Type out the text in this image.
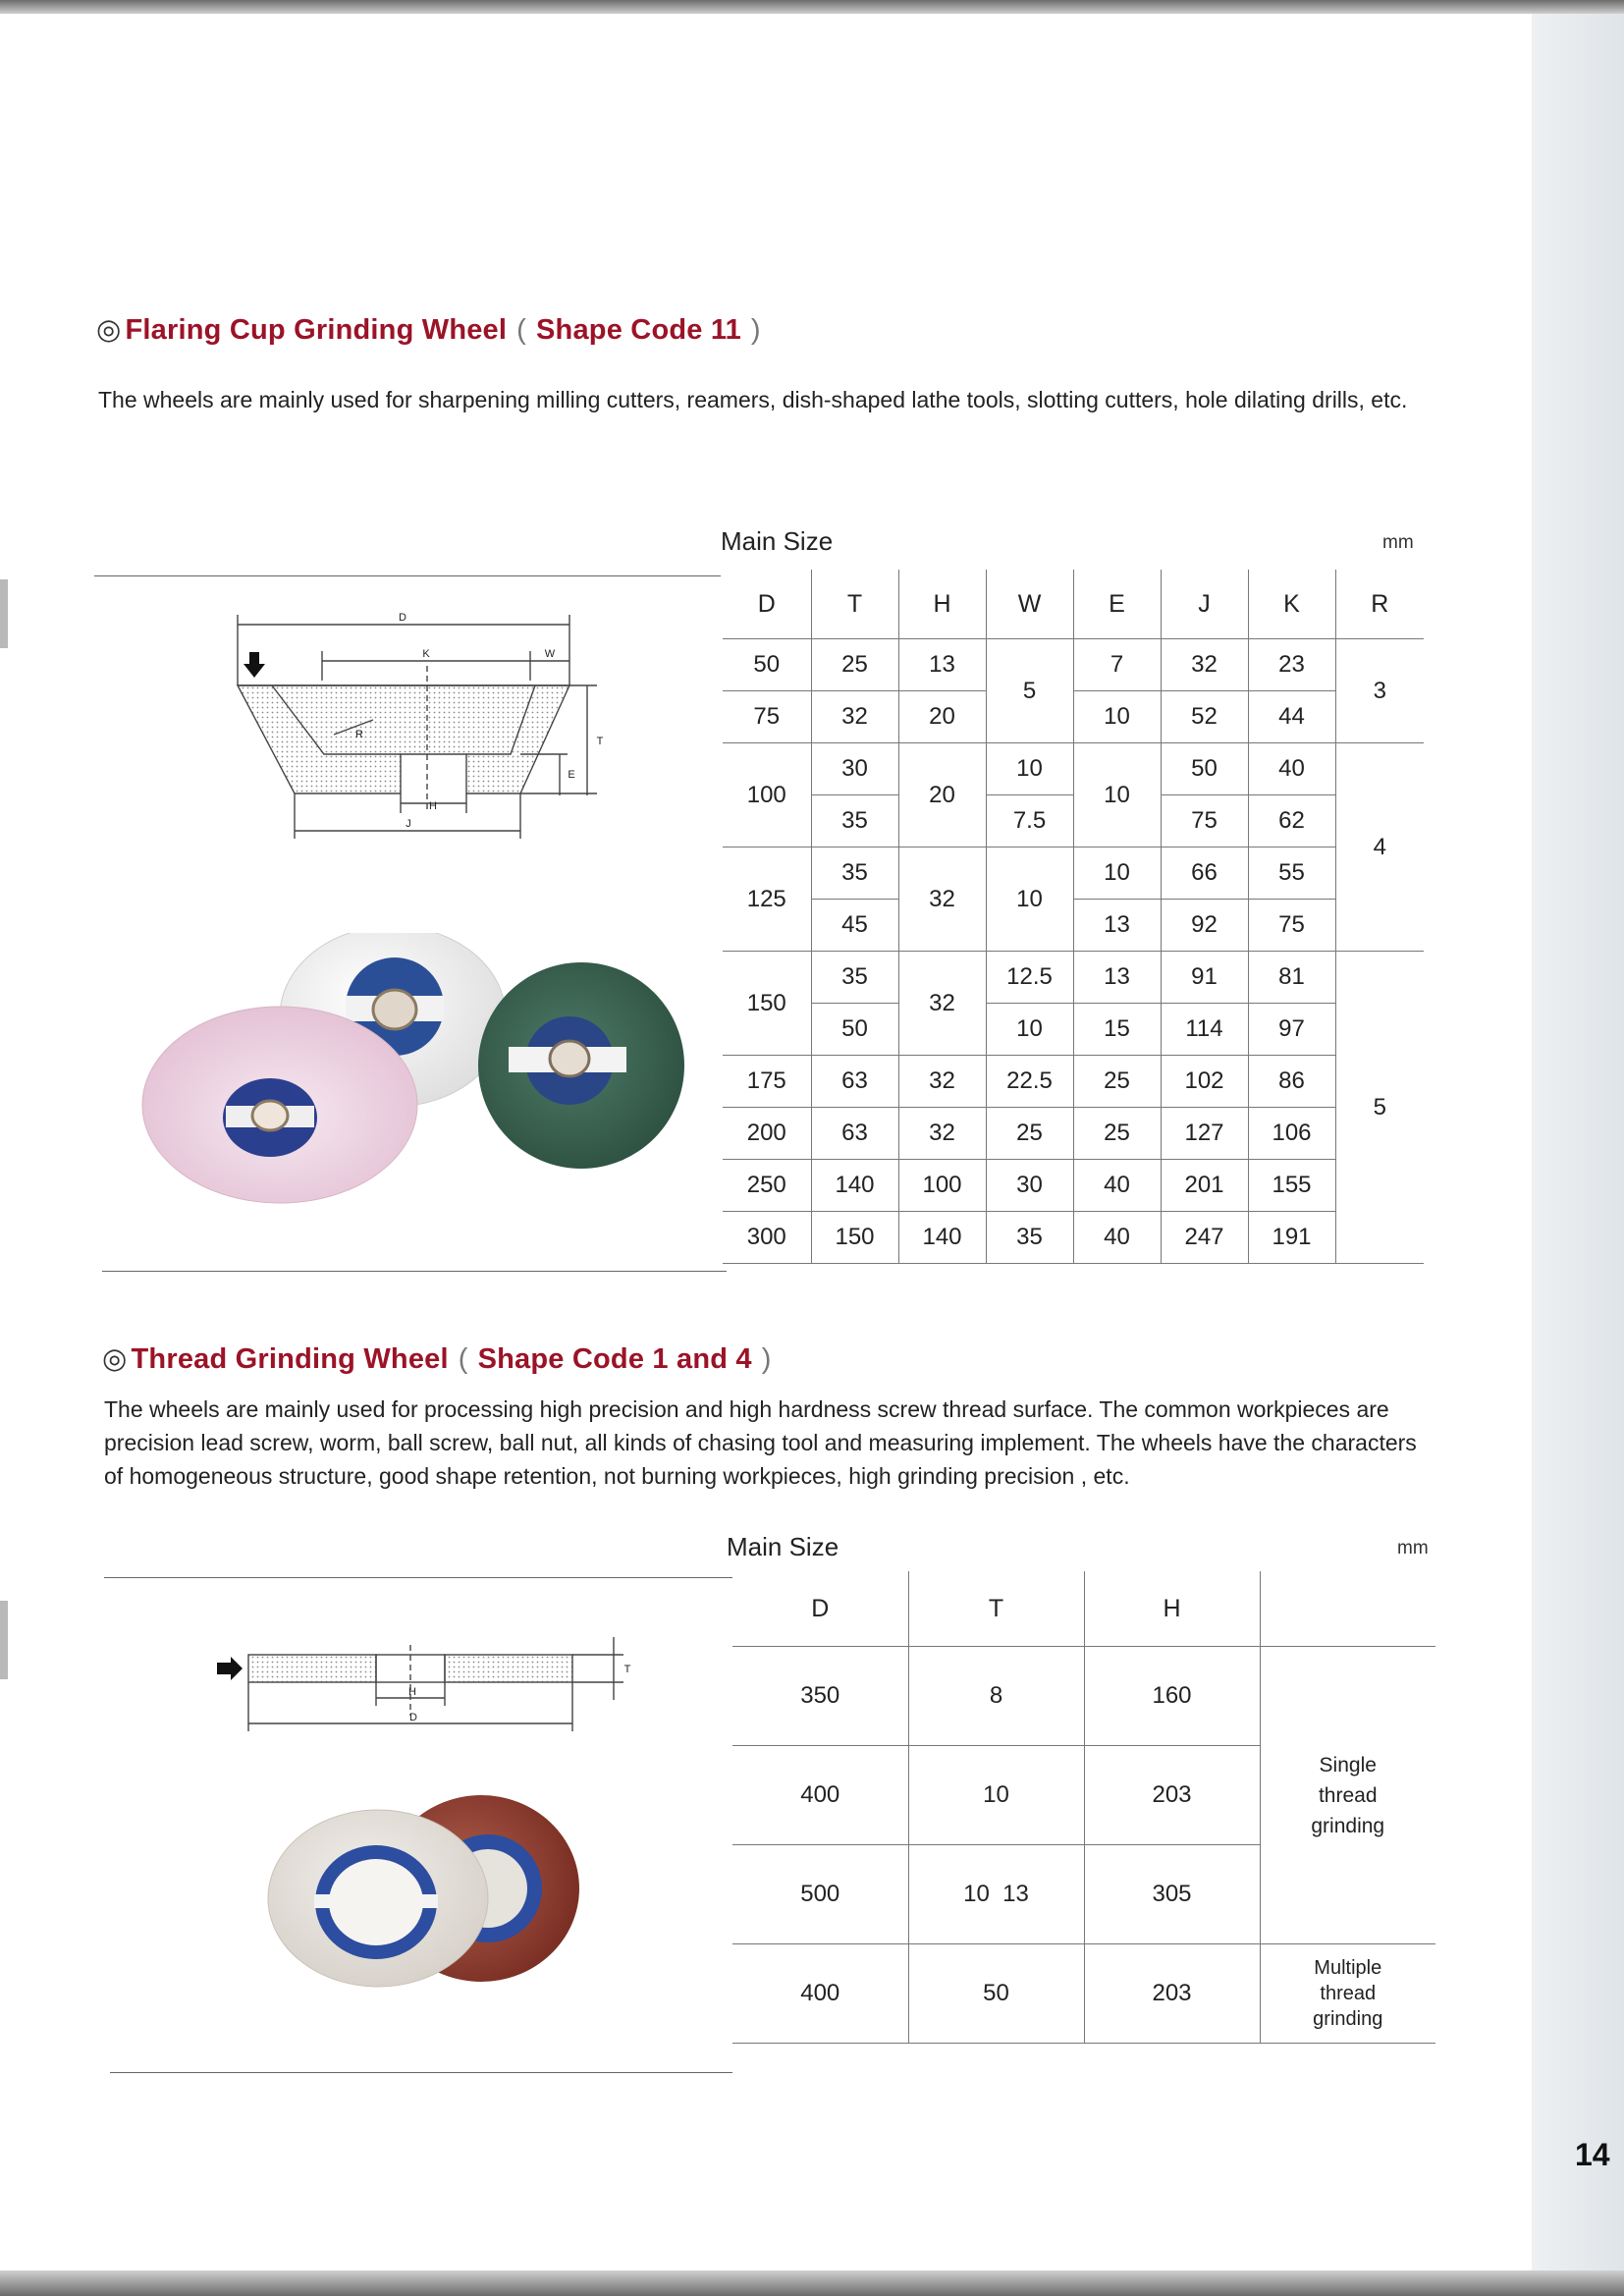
◎ Flaring Cup Grinding Wheel ( Shape Code 11 )

The wheels are mainly used for sharpening milling cutters, reamers, dish-shaped lathe tools, slotting cutters, hole dilating drills, etc.

Main Size	mm
D
K	W
R
T
E
H
J
D	T	H	W	E	J	K	R
50	25	13	5	7	32	23	3
75	32	20		10	52	44	
100	30	20	10	10	50	40	4
	35		7.5		75	62	
125	35	32	10	10	66	55	
	45			13	92	75	
150	35	32	12.5	13	91	81	5
	50		10	15	114	97	
175	63	32	22.5	25	102	86	
200	63	32	25	25	127	106	
250	140	100	30	40	201	155	
300	150	140	35	40	247	191	
◎ Thread Grinding Wheel ( Shape Code 1 and 4 )

The wheels are mainly used for processing high precision and high hardness screw thread surface. The common workpieces are precision lead screw, worm, ball screw, ball nut, all kinds of chasing tool and measuring implement. The wheels have the characters of homogeneous structure, good shape retention, not burning workpieces, high grinding precision , etc.

Main Size	mm
T
H
D
D	T	H	
350	8	160	Single thread grinding
400	10	203	
500	10  13	305	
400	50	203	Multiple thread grinding
14
